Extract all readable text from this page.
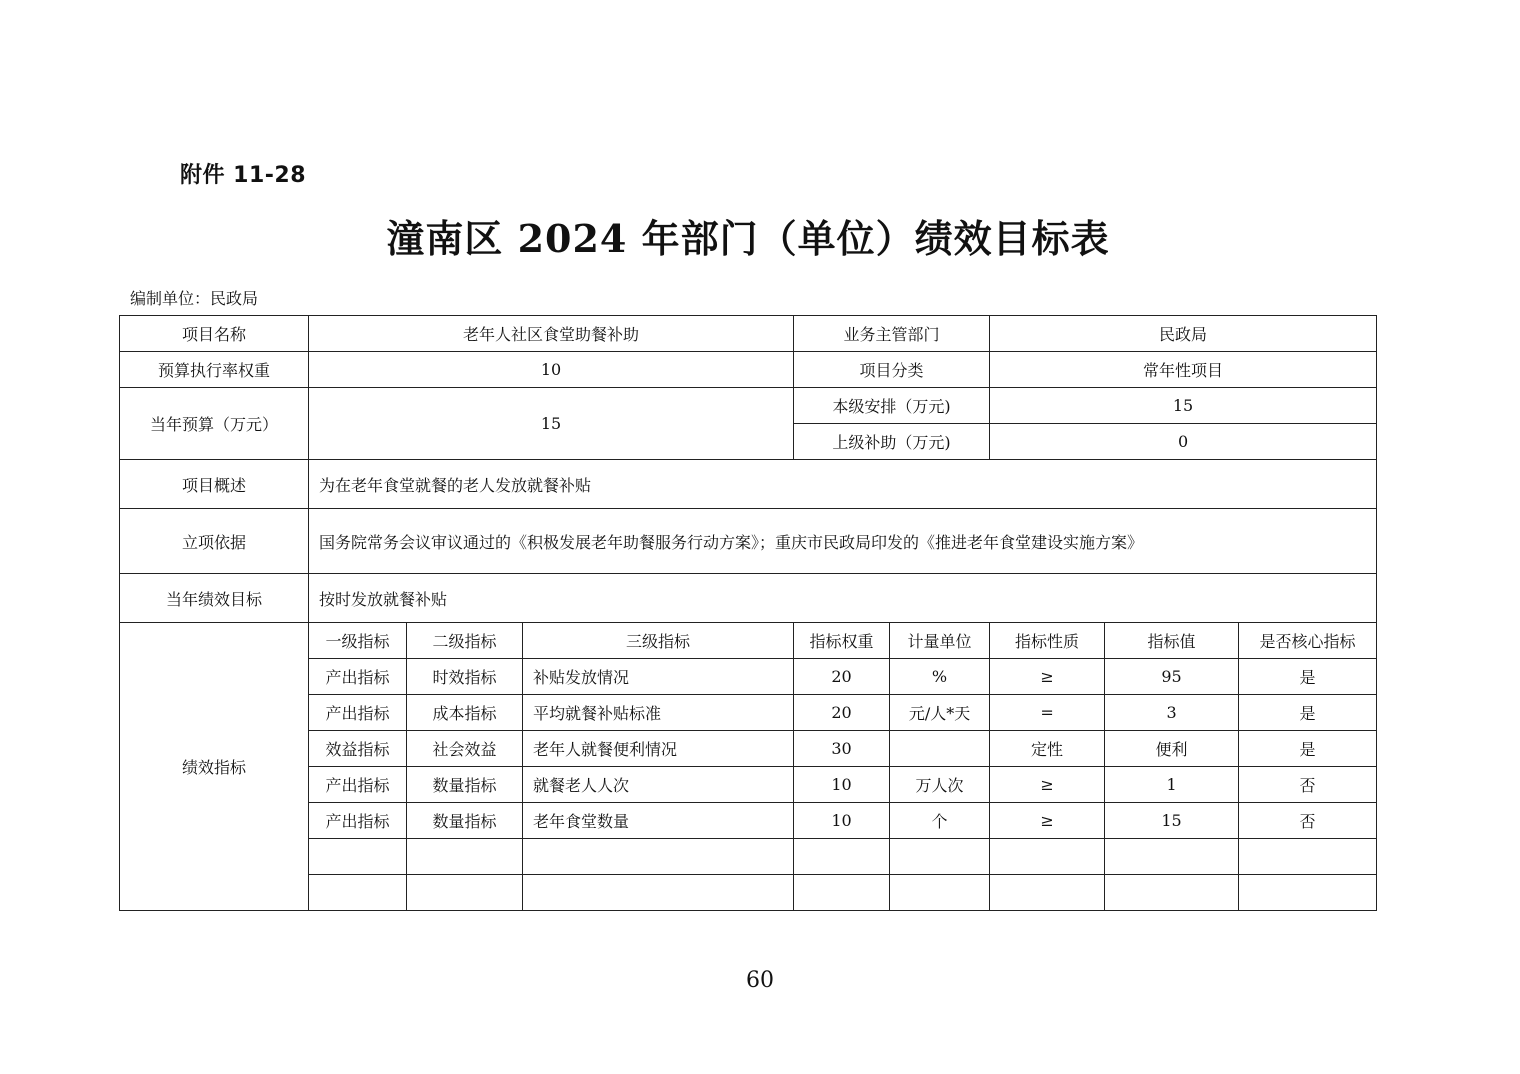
附件 11-28
潼南区 2024 年部门（单位）绩效目标表
编制单位：民政局
项目名称	老年人社区食堂助餐补助			业务主管部门		民政局		
预算执行率权重	10			项目分类		常年性项目		
当年预算（万元）	15			本级安排（万元)		15		
				上级补助（万元)		0		
项目概述	为在老年食堂就餐的老人发放就餐补贴							
立项依据	国务院常务会议审议通过的《积极发展老年助餐服务行动方案》；重庆市民政局印发的《推进老年食堂建设实施方案》							
当年绩效目标	按时发放就餐补贴							
绩效指标	一级指标	二级指标	三级指标	指标权重	计量单位	指标性质	指标值	是否核心指标
	产出指标	时效指标	补贴发放情况	20	%	≥	95	是
	产出指标	成本指标	平均就餐补贴标准	20	元/人*天	=	3	是
	效益指标	社会效益	老年人就餐便利情况	30		定性	便利	是
	产出指标	数量指标	就餐老人人次	10	万人次	≥	1	否
	产出指标	数量指标	老年食堂数量	10	个	≥	15	否

60
